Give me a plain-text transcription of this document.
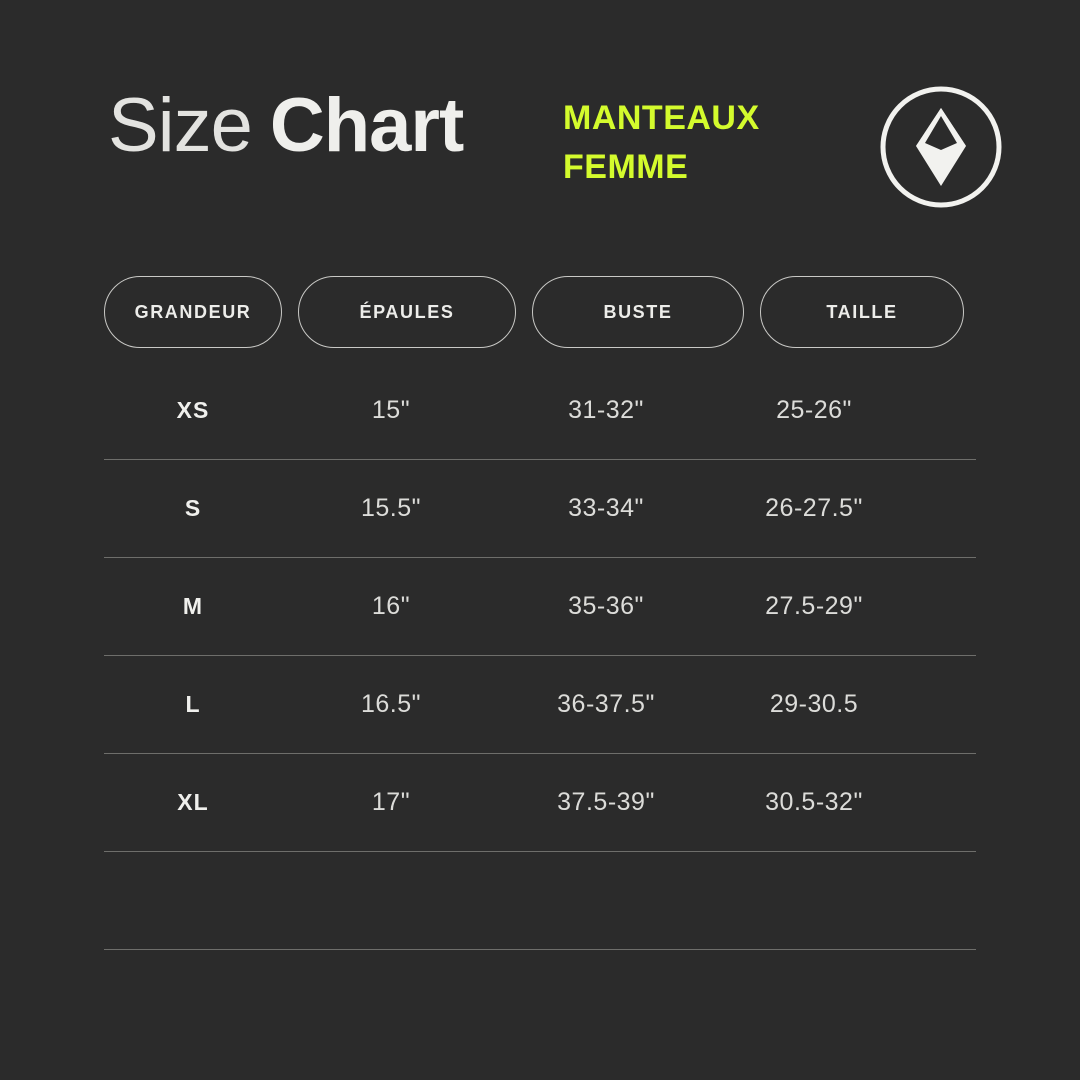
Size Chart	MANTEAUX
FEMME
GRANDEUR	ÉPAULES	BUSTE	TAILLE
XS	15"	31-32"	25-26"
S	15.5"	33-34"	26-27.5"
M	16"	35-36"	27.5-29"
L	16.5"	36-37.5"	29-30.5
XL	17"	37.5-39"	30.5-32"
